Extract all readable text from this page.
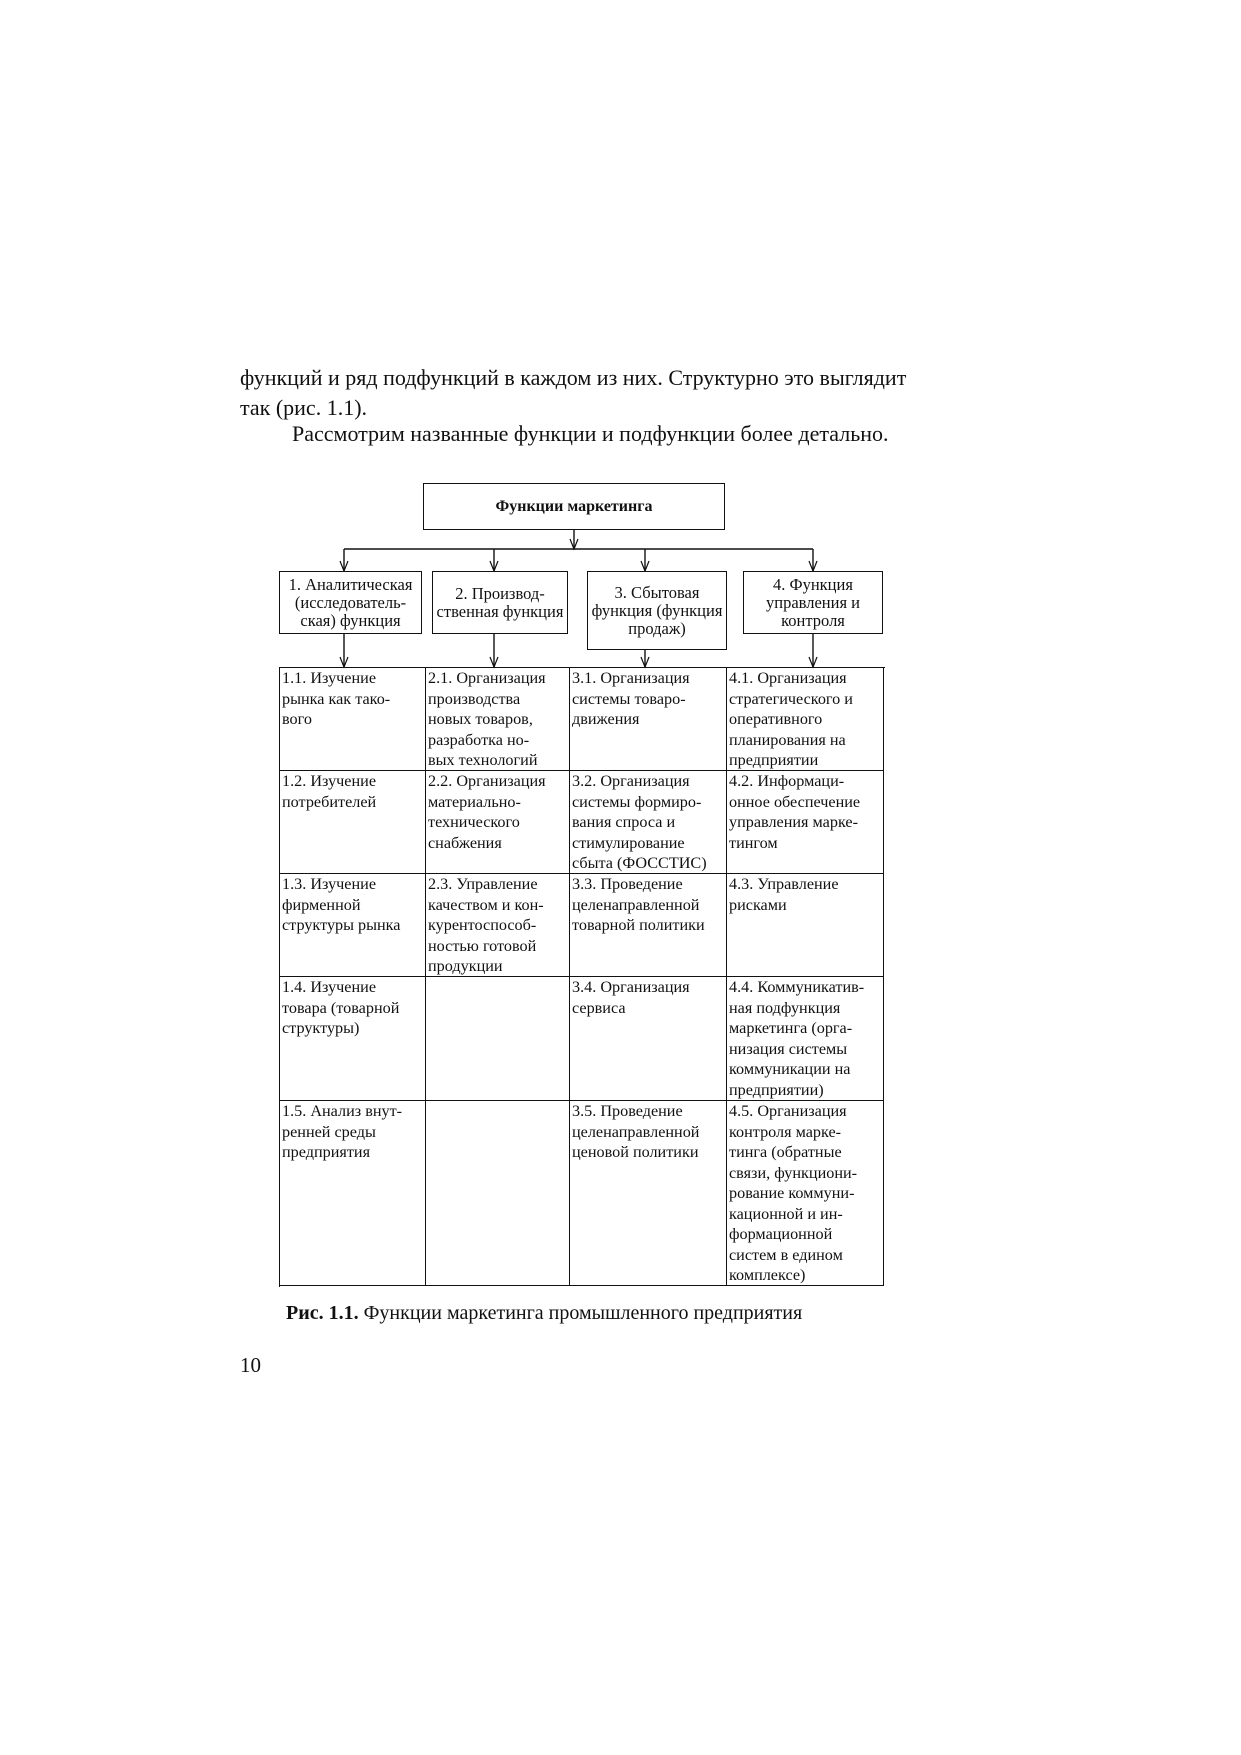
функций и ряд подфункций в каждом из них. Структурно это выглядит так (рис. 1.1).

Рассмотрим названные функции и подфункции более детально.

Функции маркетинга
1. Аналитическая (исследователь- ская) функция
2. Производ- ственная функция
3. Сбытовая функция (функция продаж)
4. Функция управления и контроля
1.1. Изучение
рынка как тако-
вого
2.1. Организация
производства
новых товаров,
разработка но-
вых технологий
3.1. Организация
системы товаро-
движения
4.1. Организация
стратегического и
оперативного
планирования на
предприятии
1.2. Изучение
потребителей
2.2. Организация
материально-
технического
снабжения
3.2. Организация
системы формиро-
вания спроса и
стимулирование
сбыта (ФОССТИС)
4.2. Информаци-
онное обеспечение
управления марке-
тингом
1.3. Изучение
фирменной
структуры рынка
2.3. Управление
качеством и кон-
курентоспособ-
ностью готовой
продукции
3.3. Проведение
целенаправленной
товарной политики
4.3. Управление
рисками
1.4. Изучение
товара (товарной
структуры)
3.4. Организация
сервиса
4.4. Коммуникатив-
ная подфункция
маркетинга (орга-
низация системы
коммуникации на
предприятии)
1.5. Анализ внут-
ренней среды
предприятия
3.5. Проведение
целенаправленной
ценовой политики
4.5. Организация
контроля марке-
тинга (обратные
связи, функциони-
рование коммуни-
кационной и ин-
формационной
систем в едином
комплексе)

Рис. 1.1. Функции маркетинга промышленного предприятия

10
